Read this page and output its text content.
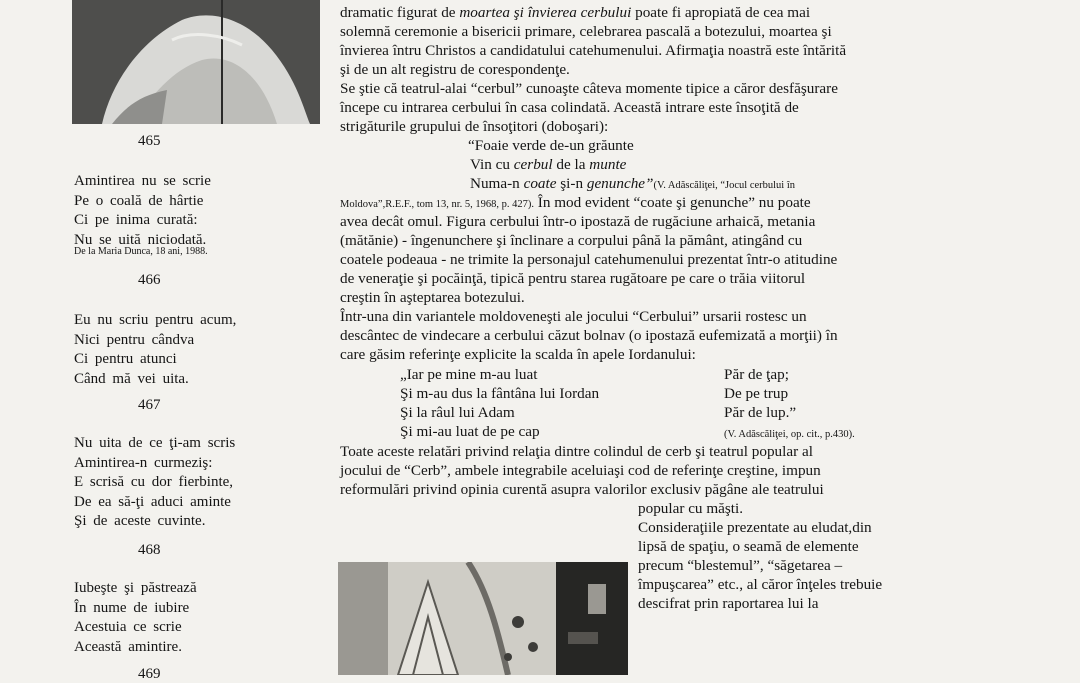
465
Amintirea nu se scrie
Pe o coală de hârtie
Ci pe inima curată:
Nu se uită niciodată.
De la Maria Dunca, 18 ani, 1988.
466
Eu nu scriu pentru acum,
Nici pentru cândva
Ci pentru atunci
Când mă vei uita.
467
Nu uita de ce ţi-am scris
Amintirea-n curmeziş:
E scrisă cu dor fierbinte,
De ea să-ţi aduci aminte
Şi de aceste cuvinte.
468
Iubeşte şi păstrează
În nume de iubire
Acestuia ce scrie
Această amintire.
469
dramatic figurat de moartea şi învierea cerbului poate fi apropiată de cea mai
solemnă ceremonie a bisericii primare, celebrarea pascală a botezului, moartea şi
învierea întru Christos a candidatului catehumenului. Afirmaţia noastră este întărită
şi de un alt registru de corespondenţe.
Se ştie că teatrul-alai “cerbul” cunoaşte câteva momente tipice a căror desfăşurare
începe cu intrarea cerbului în casa colindată. Această intrare este însoţită de
strigăturile grupului de însoţitori (doboşari):
“Foaie verde de-un grăunte
Vin cu cerbul de la munte
Numa-n coate şi-n genunche”(V. Adăscăliţei, “Jocul cerbului în
Moldova”,R.E.F., tom 13, nr. 5, 1968, p. 427). În mod evident “coate şi genunche” nu poate
avea decât omul. Figura cerbului într-o ipostază de rugăciune arhaică, metania
(mătănie) - îngenunchere şi înclinare a corpului până la pământ, atingând cu
coatele podeaua - ne trimite la personajul catehumenului prezentat într-o atitudine
de veneraţie şi pocăinţă, tipică pentru starea rugătoare pe care o trăia viitorul
creştin în aşteptarea botezului.
Într-una din variantele moldoveneşti ale jocului “Cerbului” ursarii rostesc un
descântec de vindecare a cerbului căzut bolnav (o ipostază eufemizată a morţii) în
care găsim referinţe explicite la scalda în apele Iordanului:
„Iar pe mine m-au luat	Păr de ţap;
Şi m-au dus la fântâna lui Iordan	De pe trup
Şi la râul lui Adam	Păr de lup.”
Şi mi-au luat de pe cap	(V. Adăscăliţei, op. cit., p.430).
Toate aceste relatări privind relaţia dintre colindul de cerb şi teatrul popular al
jocului de “Cerb”, ambele integrabile aceluiaşi cod de referinţe creştine, impun
reformulări privind opinia curentă asupra valorilor exclusiv păgâne ale teatrului
popular cu măşti.
Consideraţiile prezentate au eludat,din
lipsă de spaţiu, o seamă de elemente
precum “blestemul”, “săgetarea –
împuşcarea” etc., al căror înţeles trebuie
descifrat prin raportarea lui la
